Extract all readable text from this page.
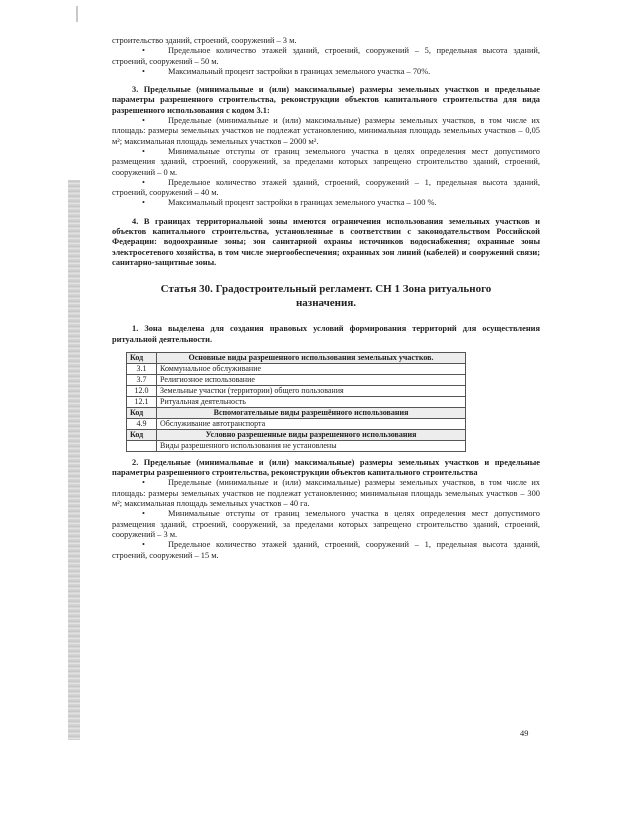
строительство зданий, строений, сооружений – 3 м.

•	Предельное количество этажей зданий, строений, сооружений – 5, предельная высота зданий, строений, сооружений – 50 м.

•	Максимальный процент застройки в границах земельного участка – 70%.

3. Предельные (минимальные и (или) максимальные) размеры земельных участков и предельные параметры разрешенного строительства, реконструкции объектов капитального строительства для вида разрешенного использования с кодом 3.1:

•	Предельные (минимальные и (или) максимальные) размеры земельных участков, в том числе их площадь: размеры земельных участков не подлежат установлению, минимальная площадь земельных участков – 0,05 м²; максимальная площадь земельных участков – 2000 м².

•	Минимальные отступы от границ земельного участка в целях определения мест допустимого размещения зданий, строений, сооружений, за пределами которых запрещено строительство зданий, строений, сооружений – 0 м.

•	Предельное количество этажей зданий, строений, сооружений – 1, предельная высота зданий, строений, сооружений – 40 м.

•	Максимальный процент застройки в границах земельного участка – 100 %.

4. В границах территориальной зоны имеются ограничения использования земельных участков и объектов капитального строительства, установленные в соответствии с законодательством Российской Федерации: водоохранные зоны; зон санитарной охраны источников водоснабжения; охранные зоны электросетевого хозяйства, в том числе энергообеспечения; охранных зон линий (кабелей) и сооружений связи; санитарно-защитные зоны.

Статья 30. Градостроительный регламент. СН 1 Зона ритуального назначения.

1. Зона выделена для создания правовых условий формирования территорий для осуществления ритуальной деятельности.

Код	Основные виды разрешенного использования земельных участков.
3.1	Коммунальное обслуживание
3.7	Религиозное использование
12.0	Земельные участки (территории) общего пользования
12.1	Ритуальная деятельность
Код	Вспомогательные виды разрешённого использования
4.9	Обслуживание автотранспорта
Код	Условно разрешенные виды разрешенного использования
	Виды разрешенного использования не установлены

2. Предельные (минимальные и (или) максимальные) размеры земельных участков и предельные параметры разрешенного строительства, реконструкции объектов капитального строительства

•	Предельные (минимальные и (или) максимальные) размеры земельных участков, в том числе их площадь: размеры земельных участков не подлежат установлению; минимальная площадь земельных участков – 300 м²; максимальная площадь земельных участков – 40 га.

•	Минимальные отступы от границ земельного участка в целях определения мест допустимого размещения зданий, строений, сооружений, за пределами которых запрещено строительство зданий, строений, сооружений – 3 м.

•	Предельное количество этажей зданий, строений, сооружений – 1, предельная высота зданий, строений, сооружений – 15 м.

49
